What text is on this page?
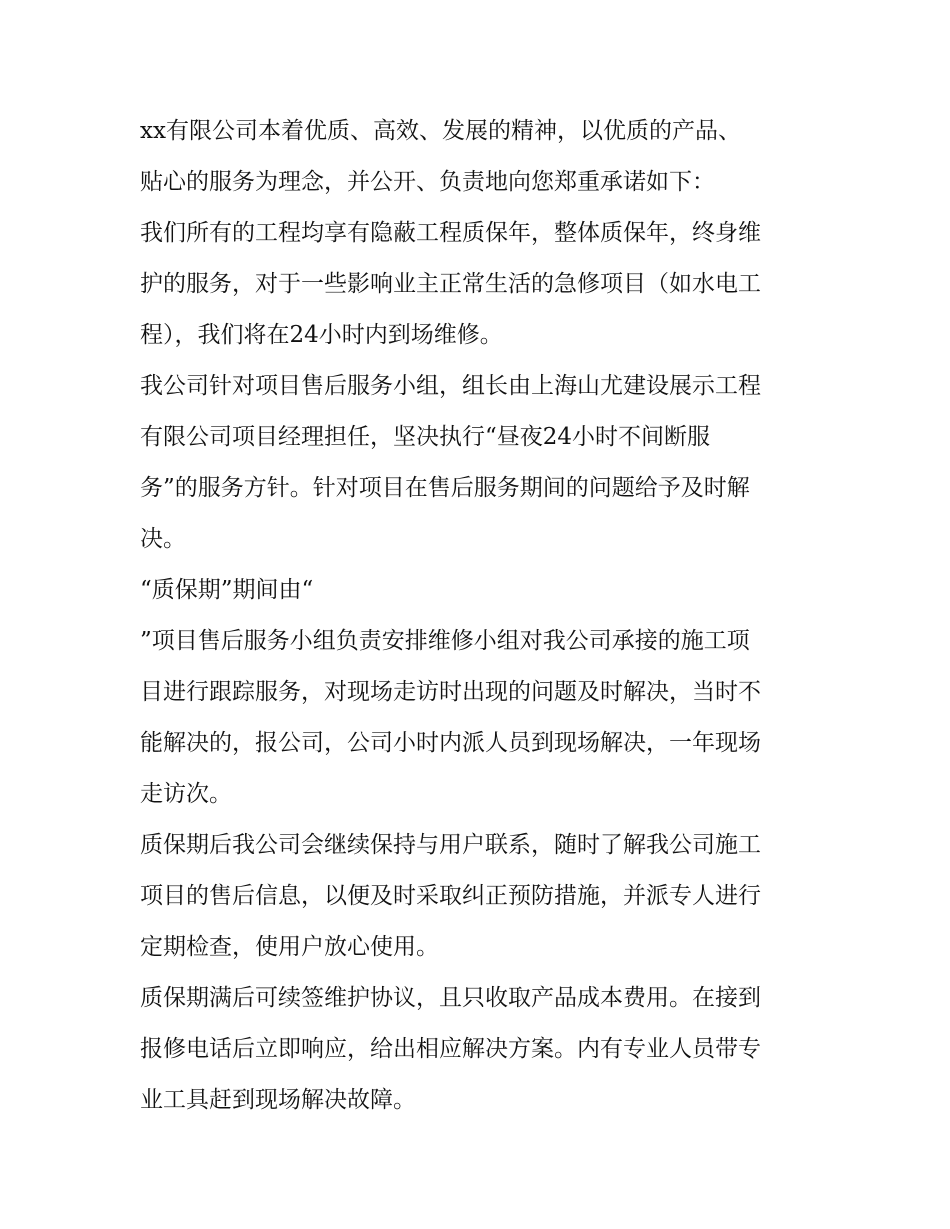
xx有限公司本着优质、高效、发展的精神，以优质的产品、
贴心的服务为理念，并公开、负责地向您郑重承诺如下：
我们所有的工程均享有隐蔽工程质保年，整体质保年，终身维
护的服务，对于一些影响业主正常生活的急修项目（如水电工
程），我们将在24小时内到场维修。
我公司针对项目售后服务小组，组长由上海山尤建设展示工程
有限公司项目经理担任，坚决执行“昼夜24小时不间断服
务”的服务方针。针对项目在售后服务期间的问题给予及时解
决。
“质保期”期间由“
”项目售后服务小组负责安排维修小组对我公司承接的施工项
目进行跟踪服务，对现场走访时出现的问题及时解决，当时不
能解决的，报公司，公司小时内派人员到现场解决，一年现场
走访次。
质保期后我公司会继续保持与用户联系，随时了解我公司施工
项目的售后信息，以便及时采取纠正预防措施，并派专人进行
定期检查，使用户放心使用。
质保期满后可续签维护协议，且只收取产品成本费用。在接到
报修电话后立即响应，给出相应解决方案。内有专业人员带专
业工具赶到现场解决故障。
